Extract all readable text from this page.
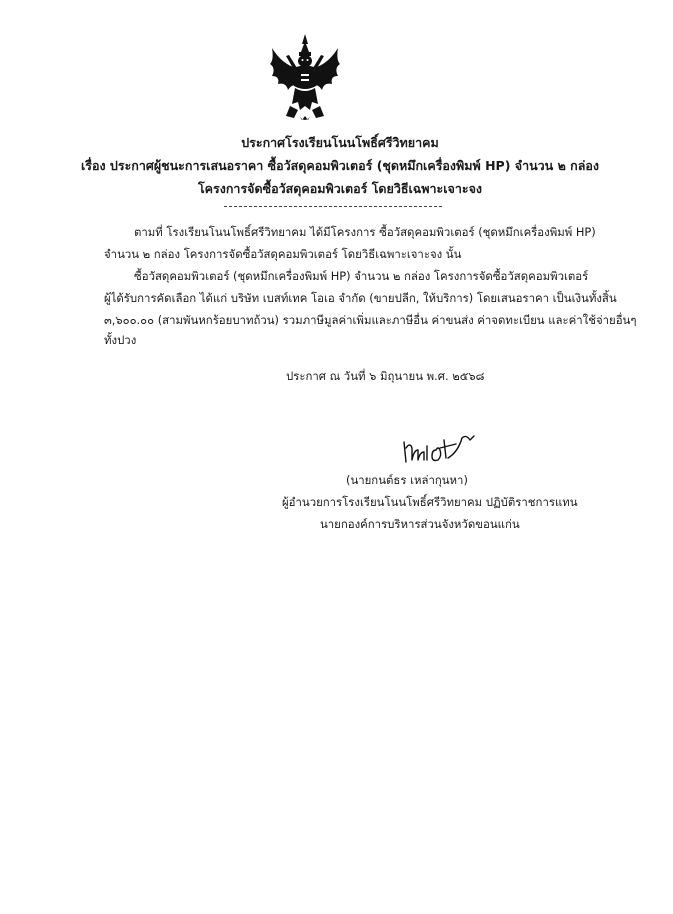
ประกาศโรงเรียนโนนโพธิ์ศรีวิทยาคม
เรื่อง ประกาศผู้ชนะการเสนอราคา ซื้อวัสดุคอมพิวเตอร์ (ชุดหมึกเครื่องพิมพ์ HP) จำนวน ๒ กล่อง
โครงการจัดซื้อวัสดุคอมพิวเตอร์ โดยวิธีเฉพาะเจาะจง
ตามที่ โรงเรียนโนนโพธิ์ศรีวิทยาคม ได้มีโครงการ ซื้อวัสดุคอมพิวเตอร์ (ชุดหมึกเครื่องพิมพ์ HP)
จำนวน ๒ กล่อง โครงการจัดซื้อวัสดุคอมพิวเตอร์ โดยวิธีเฉพาะเจาะจง นั้น
ซื้อวัสดุคอมพิวเตอร์ (ชุดหมึกเครื่องพิมพ์ HP) จำนวน ๒ กล่อง โครงการจัดซื้อวัสดุคอมพิวเตอร์
ผู้ได้รับการคัดเลือก ได้แก่ บริษัท เบสท์เทค โอเอ จำกัด (ขายปลีก, ให้บริการ) โดยเสนอราคา เป็นเงินทั้งสิ้น
๓,๖๐๐.๐๐ (สามพันหกร้อยบาทถ้วน) รวมภาษีมูลค่าเพิ่มและภาษีอื่น ค่าขนส่ง ค่าจดทะเบียน และค่าใช้จ่ายอื่นๆ
ทั้งปวง
ประกาศ ณ วันที่ ๖ มิถุนายน พ.ศ. ๒๕๖๘
(นายกนต์ธร เหล่ากุนหา)
ผู้อำนวยการโรงเรียนโนนโพธิ์ศรีวิทยาคม ปฏิบัติราชการแทน
นายกองค์การบริหารส่วนจังหวัดขอนแก่น
